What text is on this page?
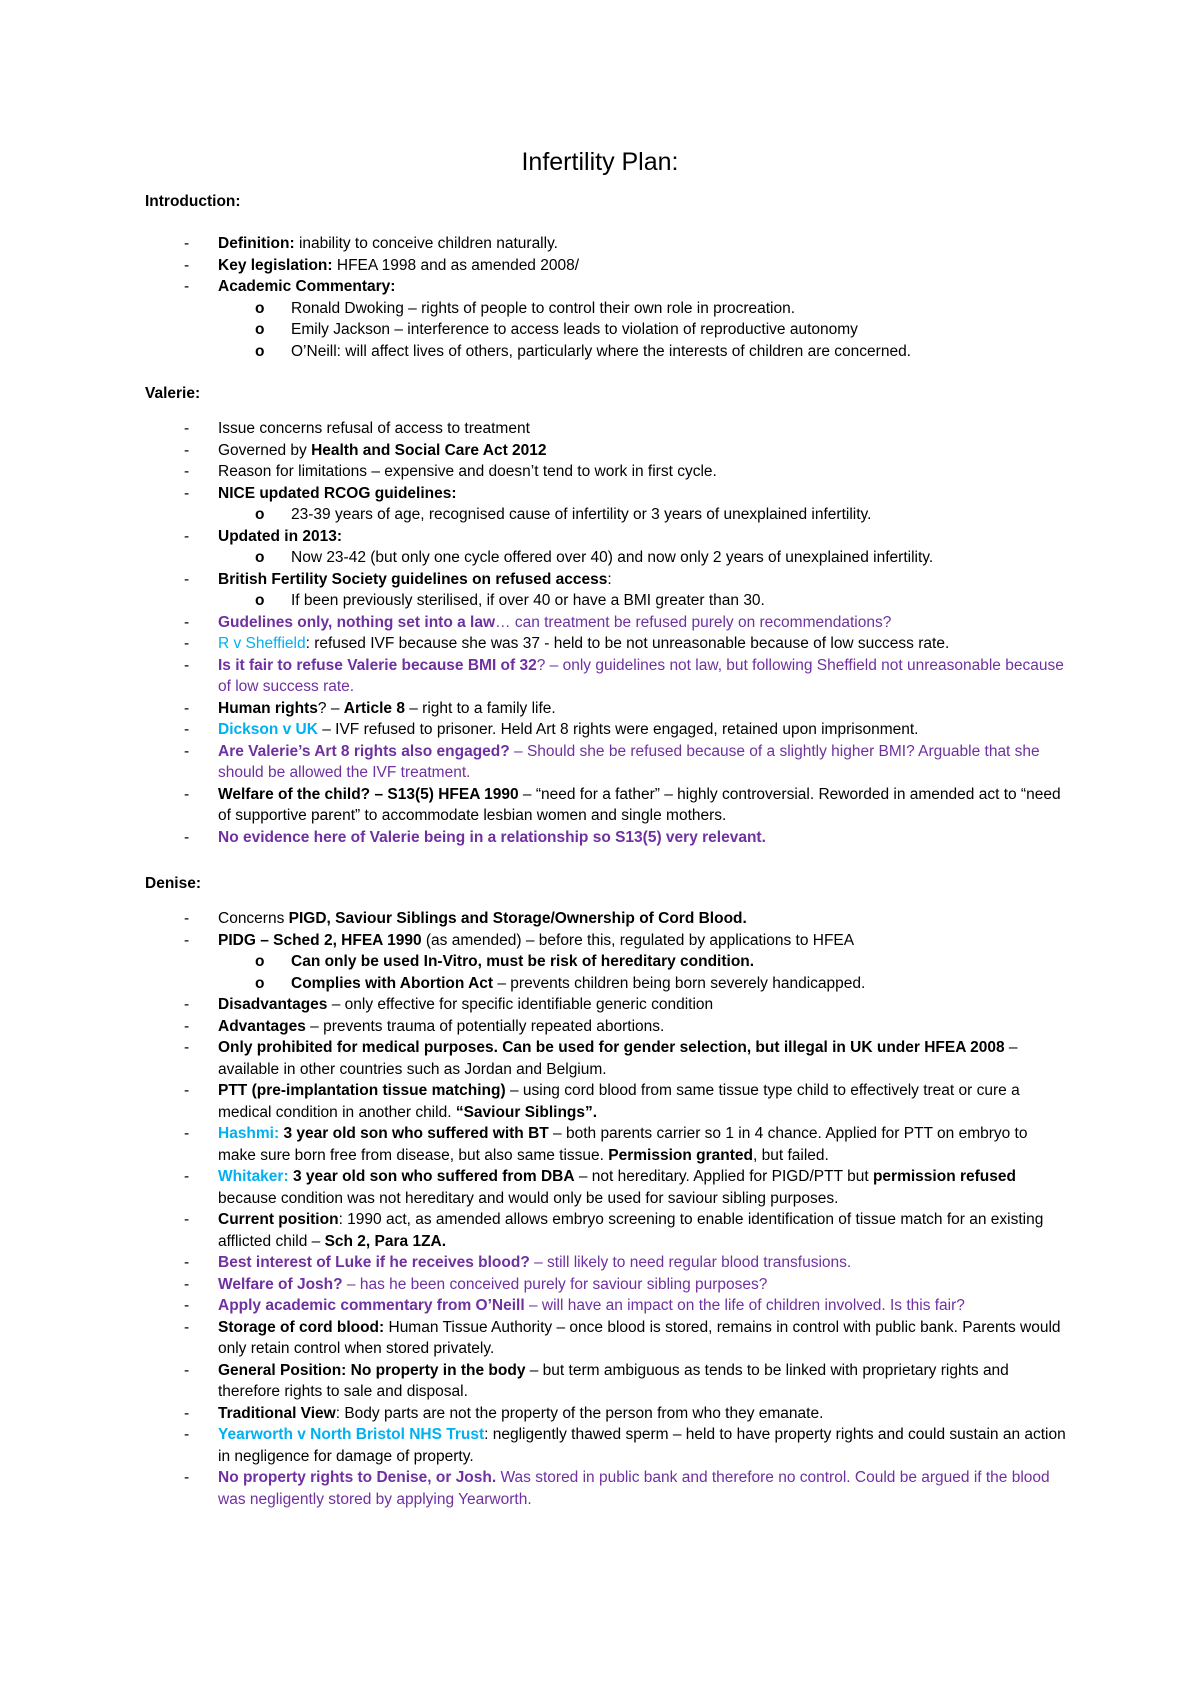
Infertility Plan:
Introduction:
- Definition: inability to conceive children naturally.
- Key legislation: HFEA 1998 and as amended 2008/
- Academic Commentary:
o Ronald Dwoking – rights of people to control their own role in procreation.
o Emily Jackson – interference to access leads to violation of reproductive autonomy
o O’Neill: will affect lives of others, particularly where the interests of children are concerned.
Valerie:
- Issue concerns refusal of access to treatment
- Governed by Health and Social Care Act 2012
- Reason for limitations – expensive and doesn’t tend to work in first cycle.
- NICE updated RCOG guidelines:
o 23-39 years of age, recognised cause of infertility or 3 years of unexplained infertility.
- Updated in 2013:
o Now 23-42 (but only one cycle offered over 40) and now only 2 years of unexplained infertility.
- British Fertility Society guidelines on refused access:
o If been previously sterilised, if over 40 or have a BMI greater than 30.
- Gudelines only, nothing set into a law… can treatment be refused purely on recommendations?
- R v Sheffield: refused IVF because she was 37 - held to be not unreasonable because of low success rate.
- Is it fair to refuse Valerie because BMI of 32? – only guidelines not law, but following Sheffield not unreasonable because of low success rate.
- Human rights? – Article 8 – right to a family life.
- Dickson v UK – IVF refused to prisoner. Held Art 8 rights were engaged, retained upon imprisonment.
- Are Valerie’s Art 8 rights also engaged? – Should she be refused because of a slightly higher BMI? Arguable that she should be allowed the IVF treatment.
- Welfare of the child? – S13(5) HFEA 1990 – “need for a father” – highly controversial. Reworded in amended act to “need of supportive parent” to accommodate lesbian women and single mothers.
- No evidence here of Valerie being in a relationship so S13(5) very relevant.
Denise:
- Concerns PIGD, Saviour Siblings and Storage/Ownership of Cord Blood.
- PIDG – Sched 2, HFEA 1990 (as amended) – before this, regulated by applications to HFEA
o Can only be used In-Vitro, must be risk of hereditary condition.
o Complies with Abortion Act – prevents children being born severely handicapped.
- Disadvantages – only effective for specific identifiable generic condition
- Advantages – prevents trauma of potentially repeated abortions.
- Only prohibited for medical purposes. Can be used for gender selection, but illegal in UK under HFEA 2008 – available in other countries such as Jordan and Belgium.
- PTT (pre-implantation tissue matching) – using cord blood from same tissue type child to effectively treat or cure a medical condition in another child. “Saviour Siblings”.
- Hashmi: 3 year old son who suffered with BT – both parents carrier so 1 in 4 chance. Applied for PTT on embryo to make sure born free from disease, but also same tissue. Permission granted, but failed.
- Whitaker: 3 year old son who suffered from DBA – not hereditary. Applied for PIGD/PTT but permission refused because condition was not hereditary and would only be used for saviour sibling purposes.
- Current position: 1990 act, as amended allows embryo screening to enable identification of tissue match for an existing afflicted child – Sch 2, Para 1ZA.
- Best interest of Luke if he receives blood? – still likely to need regular blood transfusions.
- Welfare of Josh? – has he been conceived purely for saviour sibling purposes?
- Apply academic commentary from O’Neill – will have an impact on the life of children involved. Is this fair?
- Storage of cord blood: Human Tissue Authority – once blood is stored, remains in control with public bank. Parents would only retain control when stored privately.
- General Position: No property in the body – but term ambiguous as tends to be linked with proprietary rights and therefore rights to sale and disposal.
- Traditional View: Body parts are not the property of the person from who they emanate.
- Yearworth v North Bristol NHS Trust: negligently thawed sperm – held to have property rights and could sustain an action in negligence for damage of property.
- No property rights to Denise, or Josh. Was stored in public bank and therefore no control. Could be argued if the blood was negligently stored by applying Yearworth.
